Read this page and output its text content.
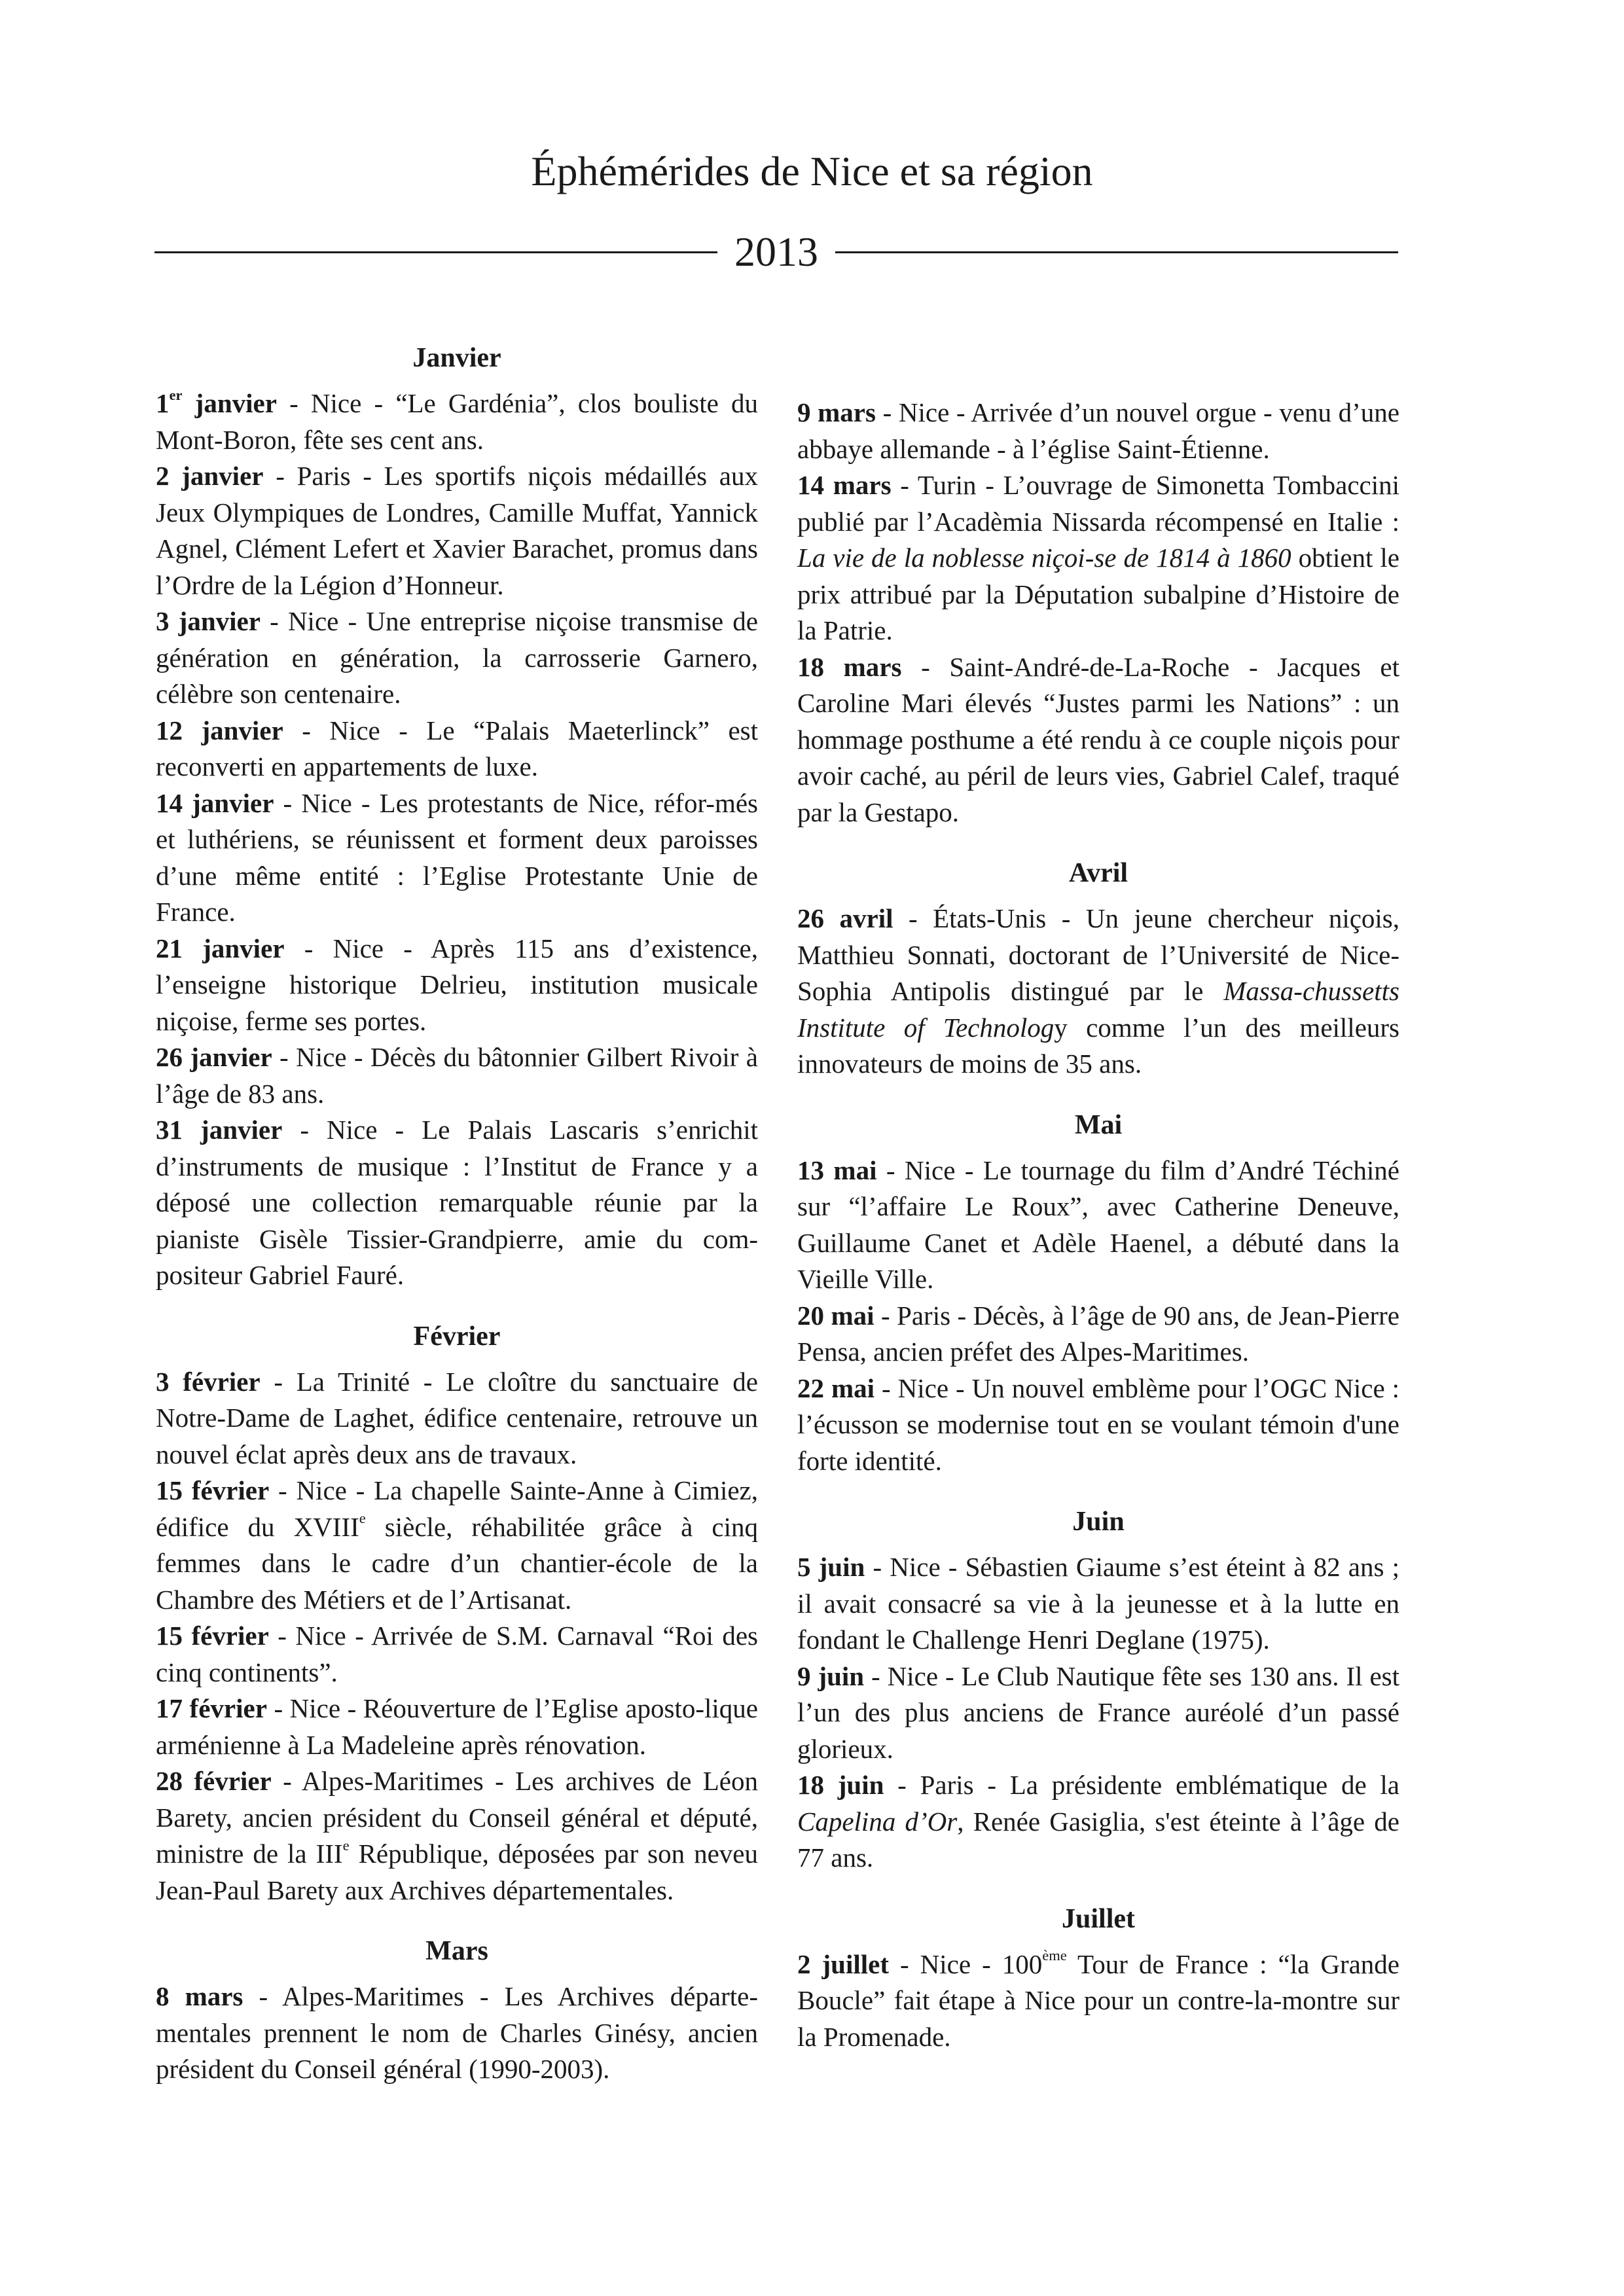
Éphémérides de Nice et sa région
2013
Janvier

1er janvier - Nice - “Le Gardénia”, clos bouliste du Mont-Boron, fête ses cent ans.

2 janvier - Paris - Les sportifs niçois médaillés aux Jeux Olympiques de Londres, Camille Muffat, Yannick Agnel, Clément Lefert et Xavier Barachet, promus dans l’Ordre de la Légion d’Honneur.

3 janvier - Nice - Une entreprise niçoise transmise de génération en génération, la carrosserie Garnero, célèbre son centenaire.

12 janvier - Nice - Le “Palais Maeterlinck” est reconverti en appartements de luxe.

14 janvier - Nice - Les protestants de Nice, réfor-més et luthériens, se réunissent et forment deux paroisses d’une même entité : l’Eglise Protestante Unie de France.

21 janvier - Nice - Après 115 ans d’existence, l’enseigne historique Delrieu, institution musicale niçoise, ferme ses portes.

26 janvier - Nice - Décès du bâtonnier Gilbert Rivoir à l’âge de 83 ans.

31 janvier - Nice - Le Palais Lascaris s’enrichit d’instruments de musique : l’Institut de France y a déposé une collection remarquable réunie par la pianiste Gisèle Tissier-Grandpierre, amie du com-positeur Gabriel Fauré.

Février

3 février - La Trinité - Le cloître du sanctuaire de Notre-Dame de Laghet, édifice centenaire, retrouve un nouvel éclat après deux ans de travaux.

15 février - Nice - La chapelle Sainte-Anne à Cimiez, édifice du XVIIIe siècle, réhabilitée grâce à cinq femmes dans le cadre d’un chantier-école de la Chambre des Métiers et de l’Artisanat.

15 février - Nice - Arrivée de S.M. Carnaval “Roi des cinq continents”.

17 février - Nice - Réouverture de l’Eglise aposto-lique arménienne à La Madeleine après rénovation.

28 février - Alpes-Maritimes - Les archives de Léon Barety, ancien président du Conseil général et député, ministre de la IIIe République, déposées par son neveu Jean-Paul Barety aux Archives départementales.

Mars

8 mars - Alpes-Maritimes - Les Archives départe-mentales prennent le nom de Charles Ginésy, ancien président du Conseil général (1990-2003).

9 mars - Nice - Arrivée d’un nouvel orgue - venu d’une abbaye allemande - à l’église Saint-Étienne.

14 mars - Turin - L’ouvrage de Simonetta Tombaccini publié par l’Acadèmia Nissarda récompensé en Italie : La vie de la noblesse niçoi-se de 1814 à 1860 obtient le prix attribué par la Députation subalpine d’Histoire de la Patrie.

18 mars - Saint-André-de-La-Roche - Jacques et Caroline Mari élevés “Justes parmi les Nations” : un hommage posthume a été rendu à ce couple niçois pour avoir caché, au péril de leurs vies, Gabriel Calef, traqué par la Gestapo.

Avril

26 avril - États-Unis - Un jeune chercheur niçois, Matthieu Sonnati, doctorant de l’Université de Nice-Sophia Antipolis distingué par le Massa-chussetts Institute of Technology comme l’un des meilleurs innovateurs de moins de 35 ans.

Mai

13 mai - Nice - Le tournage du film d’André Téchiné sur “l’affaire Le Roux”, avec Catherine Deneuve, Guillaume Canet et Adèle Haenel, a débuté dans la Vieille Ville.

20 mai - Paris - Décès, à l’âge de 90 ans, de Jean-Pierre Pensa, ancien préfet des Alpes-Maritimes.

22 mai - Nice - Un nouvel emblème pour l’OGC Nice : l’écusson se modernise tout en se voulant témoin d'une forte identité.

Juin

5 juin - Nice - Sébastien Giaume s’est éteint à 82 ans ; il avait consacré sa vie à la jeunesse et à la lutte en fondant le Challenge Henri Deglane (1975).

9 juin - Nice - Le Club Nautique fête ses 130 ans. Il est l’un des plus anciens de France auréolé d’un passé glorieux.

18 juin - Paris - La présidente emblématique de la Capelina d’Or, Renée Gasiglia, s'est éteinte à l’âge de 77 ans.

Juillet

2 juillet - Nice - 100ème Tour de France : “la Grande Boucle” fait étape à Nice pour un contre-la-montre sur la Promenade.
